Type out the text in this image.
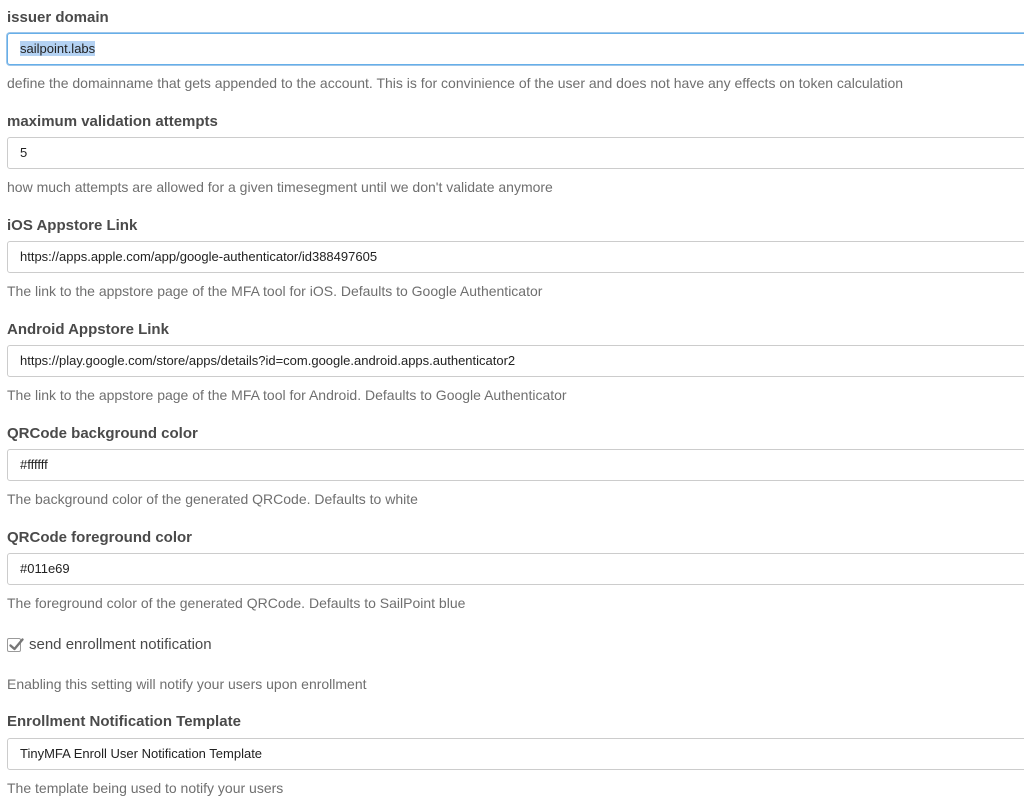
issuer domain
sailpoint.labs
define the domainname that gets appended to the account. This is for convinience of the user and does not have any effects on token calculation
maximum validation attempts
5
how much attempts are allowed for a given timesegment until we don't validate anymore
iOS Appstore Link
https://apps.apple.com/app/google-authenticator/id388497605
The link to the appstore page of the MFA tool for iOS. Defaults to Google Authenticator
Android Appstore Link
https://play.google.com/store/apps/details?id=com.google.android.apps.authenticator2
The link to the appstore page of the MFA tool for Android. Defaults to Google Authenticator
QRCode background color
#ffffff
The background color of the generated QRCode. Defaults to white
QRCode foreground color
#011e69
The foreground color of the generated QRCode. Defaults to SailPoint blue
send enrollment notification
Enabling this setting will notify your users upon enrollment
Enrollment Notification Template
TinyMFA Enroll User Notification Template
The template being used to notify your users
